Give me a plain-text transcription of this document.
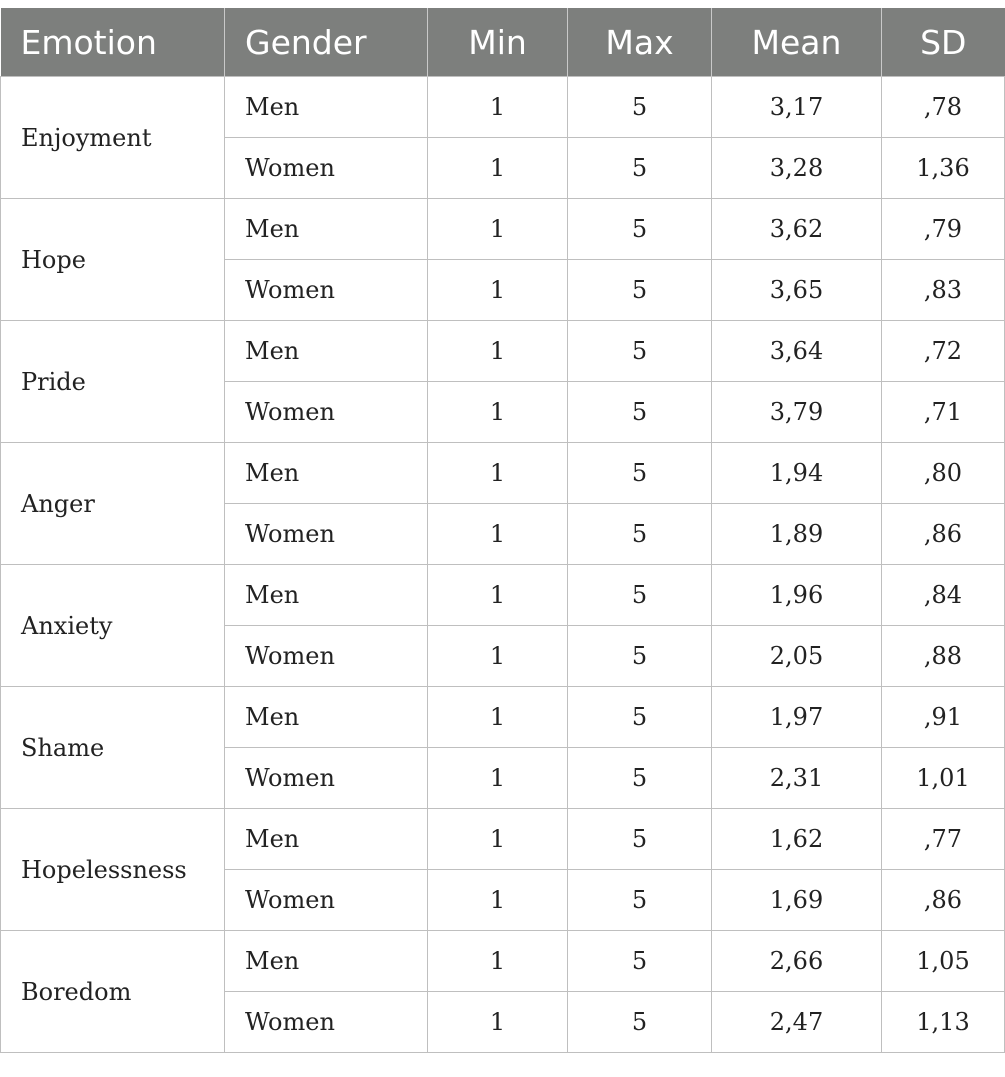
Emotion	Gender	Min	Max	Mean	SD
Enjoyment	Men	1	5	3,17	,78
	Women	1	5	3,28	1,36
Hope	Men	1	5	3,62	,79
	Women	1	5	3,65	,83
Pride	Men	1	5	3,64	,72
	Women	1	5	3,79	,71
Anger	Men	1	5	1,94	,80
	Women	1	5	1,89	,86
Anxiety	Men	1	5	1,96	,84
	Women	1	5	2,05	,88
Shame	Men	1	5	1,97	,91
	Women	1	5	2,31	1,01
Hopelessness	Men	1	5	1,62	,77
	Women	1	5	1,69	,86
Boredom	Men	1	5	2,66	1,05
	Women	1	5	2,47	1,13
